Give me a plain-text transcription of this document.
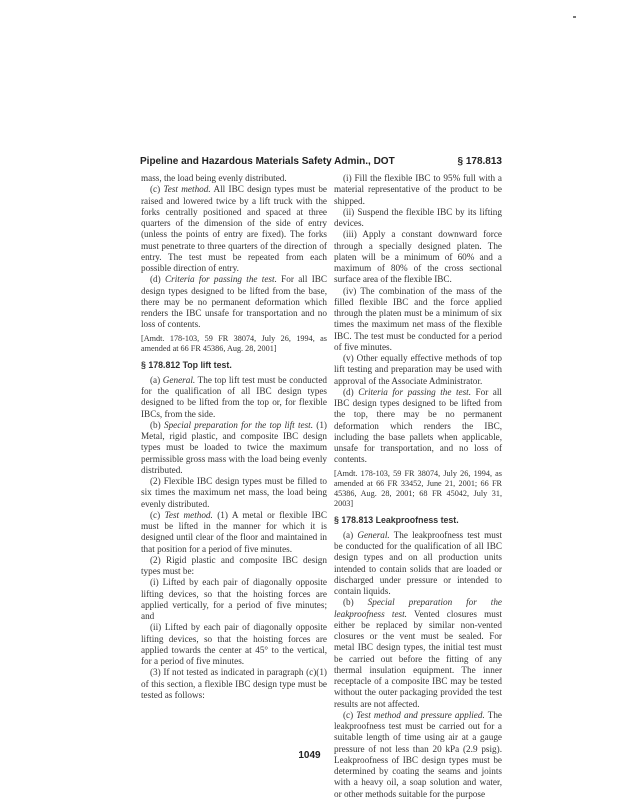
Pipeline and Hazardous Materials Safety Admin., DOT	§ 178.813

mass, the load being evenly distributed.

(c) Test method. All IBC design types must be raised and lowered twice by a lift truck with the forks centrally positioned and spaced at three quarters of the dimension of the side of entry (unless the points of entry are fixed). The forks must penetrate to three quarters of the direction of entry. The test must be repeated from each possible direction of entry.

(d) Criteria for passing the test. For all IBC design types designed to be lifted from the base, there may be no permanent deformation which renders the IBC unsafe for transportation and no loss of contents.

[Amdt. 178-103, 59 FR 38074, July 26, 1994, as amended at 66 FR 45386, Aug. 28, 2001]

§ 178.812 Top lift test.

(a) General. The top lift test must be conducted for the qualification of all IBC design types designed to be lifted from the top or, for flexible IBCs, from the side.

(b) Special preparation for the top lift test. (1) Metal, rigid plastic, and composite IBC design types must be loaded to twice the maximum permissible gross mass with the load being evenly distributed.

(2) Flexible IBC design types must be filled to six times the maximum net mass, the load being evenly distributed.

(c) Test method. (1) A metal or flexible IBC must be lifted in the manner for which it is designed until clear of the floor and maintained in that position for a period of five minutes.

(2) Rigid plastic and composite IBC design types must be:

(i) Lifted by each pair of diagonally opposite lifting devices, so that the hoisting forces are applied vertically, for a period of five minutes; and

(ii) Lifted by each pair of diagonally opposite lifting devices, so that the hoisting forces are applied towards the center at 45° to the vertical, for a period of five minutes.

(3) If not tested as indicated in paragraph (c)(1) of this section, a flexible IBC design type must be tested as follows:

(i) Fill the flexible IBC to 95% full with a material representative of the product to be shipped.

(ii) Suspend the flexible IBC by its lifting devices.

(iii) Apply a constant downward force through a specially designed platen. The platen will be a minimum of 60% and a maximum of 80% of the cross sectional surface area of the flexible IBC.

(iv) The combination of the mass of the filled flexible IBC and the force applied through the platen must be a minimum of six times the maximum net mass of the flexible IBC. The test must be conducted for a period of five minutes.

(v) Other equally effective methods of top lift testing and preparation may be used with approval of the Associate Administrator.

(d) Criteria for passing the test. For all IBC design types designed to be lifted from the top, there may be no permanent deformation which renders the IBC, including the base pallets when applicable, unsafe for transportation, and no loss of contents.

[Amdt. 178-103, 59 FR 38074, July 26, 1994, as amended at 66 FR 33452, June 21, 2001; 66 FR 45386, Aug. 28, 2001; 68 FR 45042, July 31, 2003]

§ 178.813 Leakproofness test.

(a) General. The leakproofness test must be conducted for the qualification of all IBC design types and on all production units intended to contain solids that are loaded or discharged under pressure or intended to contain liquids.

(b) Special preparation for the leakproofness test. Vented closures must either be replaced by similar non-vented closures or the vent must be sealed. For metal IBC design types, the initial test must be carried out before the fitting of any thermal insulation equipment. The inner receptacle of a composite IBC may be tested without the outer packaging provided the test results are not affected.

(c) Test method and pressure applied. The leakproofness test must be carried out for a suitable length of time using air at a gauge pressure of not less than 20 kPa (2.9 psig). Leakproofness of IBC design types must be determined by coating the seams and joints with a heavy oil, a soap solution and water, or other methods suitable for the purpose

1049
